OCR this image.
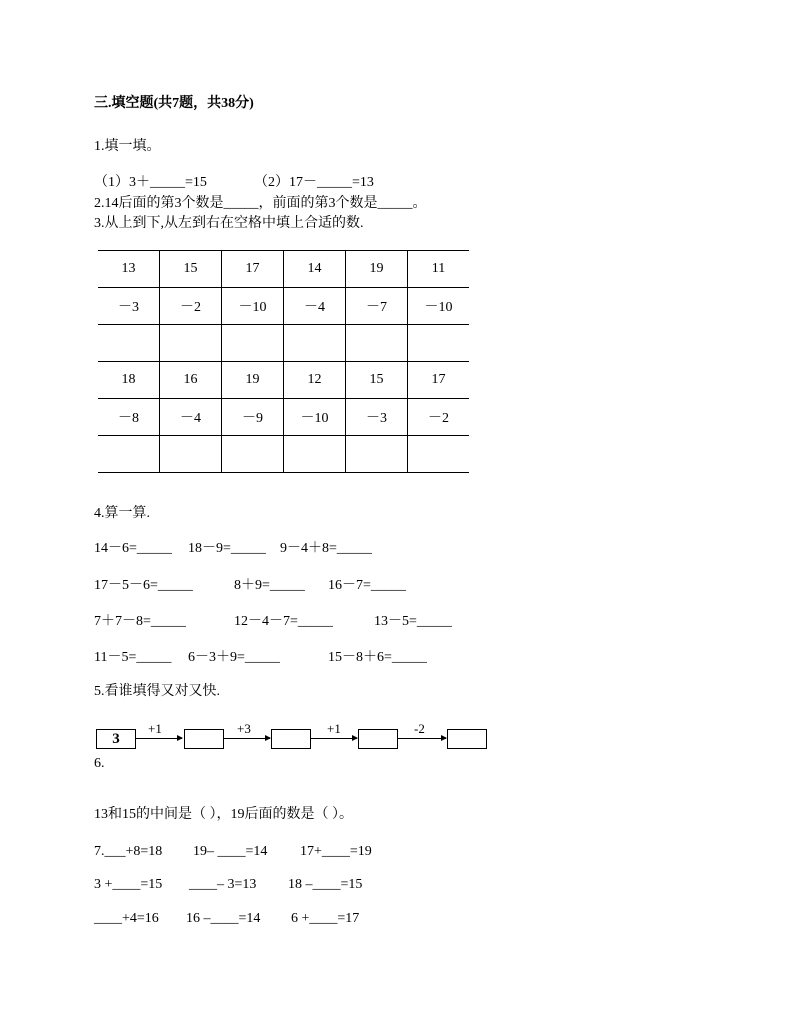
三.填空题(共7题，共38分)
1.填一填。
（1）3＋_____=15	（2）17－_____=13
2.14后面的第3个数是_____，前面的第3个数是_____。
3.从上到下,从左到右在空格中填上合适的数.
13	15	17	14	19	11
－3	－2	－10	－4	－7	－10

18	16	19	12	15	17
－8	－4	－9	－10	－3	－2

4.算一算.
14－6=_____ 18－9=_____ 9－4＋8=_____
17－5－6=_____	8＋9=_____ 16－7=_____
7＋7－8=_____	12－4－7=_____	13－5=_____
11－5=_____ 6－3＋9=_____	15－8＋6=_____
5.看谁填得又对又快.
3
+1	+3	+1	-2
6.
13和15的中间是（ ），19后面的数是（ ）。
7.___+8=18 19– ____=14 17+____=19
3 +____=15 ____– 3=13 18 –____=15
____+4=16 16 –____=14 6 +____=17
